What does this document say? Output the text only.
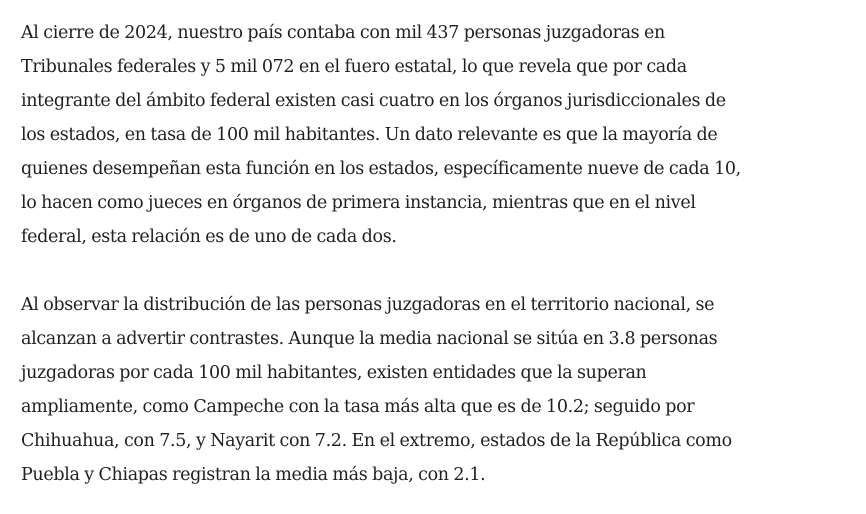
Al cierre de 2024, nuestro país contaba con mil 437 personas juzgadoras en
Tribunales federales y 5 mil 072 en el fuero estatal, lo que revela que por cada
integrante del ámbito federal existen casi cuatro en los órganos jurisdiccionales de
los estados, en tasa de 100 mil habitantes. Un dato relevante es que la mayoría de
quienes desempeñan esta función en los estados, específicamente nueve de cada 10,
lo hacen como jueces en órganos de primera instancia, mientras que en el nivel
federal, esta relación es de uno de cada dos.

Al observar la distribución de las personas juzgadoras en el territorio nacional, se
alcanzan a advertir contrastes. Aunque la media nacional se sitúa en 3.8 personas
juzgadoras por cada 100 mil habitantes, existen entidades que la superan
ampliamente, como Campeche con la tasa más alta que es de 10.2; seguido por
Chihuahua, con 7.5, y Nayarit con 7.2. En el extremo, estados de la República como
Puebla y Chiapas registran la media más baja, con 2.1.
